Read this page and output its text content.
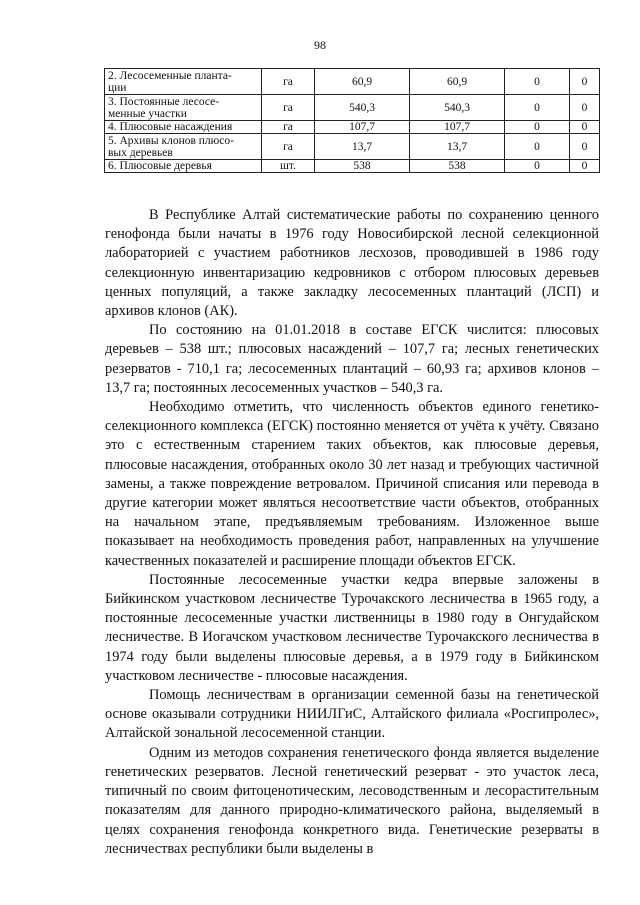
98
2. Лесосеменные планта-
ции	га	60,9	60,9	0	0
3. Постоянные лесосе-
менные участки	га	540,3	540,3	0	0
4. Плюсовые насаждения	га	107,7	107,7	0	0
5. Архивы клонов плюсо-
вых деревьев	га	13,7	13,7	0	0
6. Плюсовые деревья	шт.	538	538	0	0

В Республике Алтай систематические работы по сохранению ценного генофонда были начаты в 1976 году Новосибирской лесной селекционной лабораторией с участием работников лесхозов, проводившей в 1986 году селекционную инвентаризацию кедровников с отбором плюсовых деревьев ценных популяций, а также закладку лесосеменных плантаций (ЛСП) и архивов клонов (АК).

По состоянию на 01.01.2018 в составе ЕГСК числится: плюсовых деревьев – 538 шт.; плюсовых насаждений – 107,7 га; лесных генетических резерватов - 710,1 га; лесосеменных плантаций – 60,93 га; архивов клонов – 13,7 га; постоянных лесосеменных участков – 540,3 га.

Необходимо отметить, что численность объектов единого генетико-селекционного комплекса (ЕГСК) постоянно меняется от учёта к учёту. Связано это с естественным старением таких объектов, как плюсовые деревья, плюсовые насаждения, отобранных около 30 лет назад и требующих частичной замены, а также повреждение ветровалом. Причиной списания или перевода в другие категории может являться несоответствие части объектов, отобранных на начальном этапе, предъявляемым требованиям. Изложенное выше показывает на необходимость проведения работ, направленных на улучшение качественных показателей и расширение площади объектов ЕГСК.

Постоянные лесосеменные участки кедра впервые заложены в Бийкинском участковом лесничестве Турочакского лесничества в 1965 году, а постоянные лесосеменные участки лиственницы в 1980 году в Онгудайском лесничестве. В Иогачском участковом лесничестве Турочакского лесничества в 1974 году были выделены плюсовые деревья, а в 1979 году в Бийкинском участковом лесничестве - плюсовые насаждения.

Помощь лесничествам в организации семенной базы на генетической основе оказывали сотрудники НИИЛГиС, Алтайского филиала «Росгипролес», Алтайской зональной лесосеменной станции.

Одним из методов сохранения генетического фонда является выделение генетических резерватов. Лесной генетический резерват - это участок леса, типичный по своим фитоценотическим, лесоводственным и лесорастительным показателям для данного природно-климатического района, выделяемый в целях сохранения генофонда конкретного вида. Генетические резерваты в лесничествах республики были выделены в
